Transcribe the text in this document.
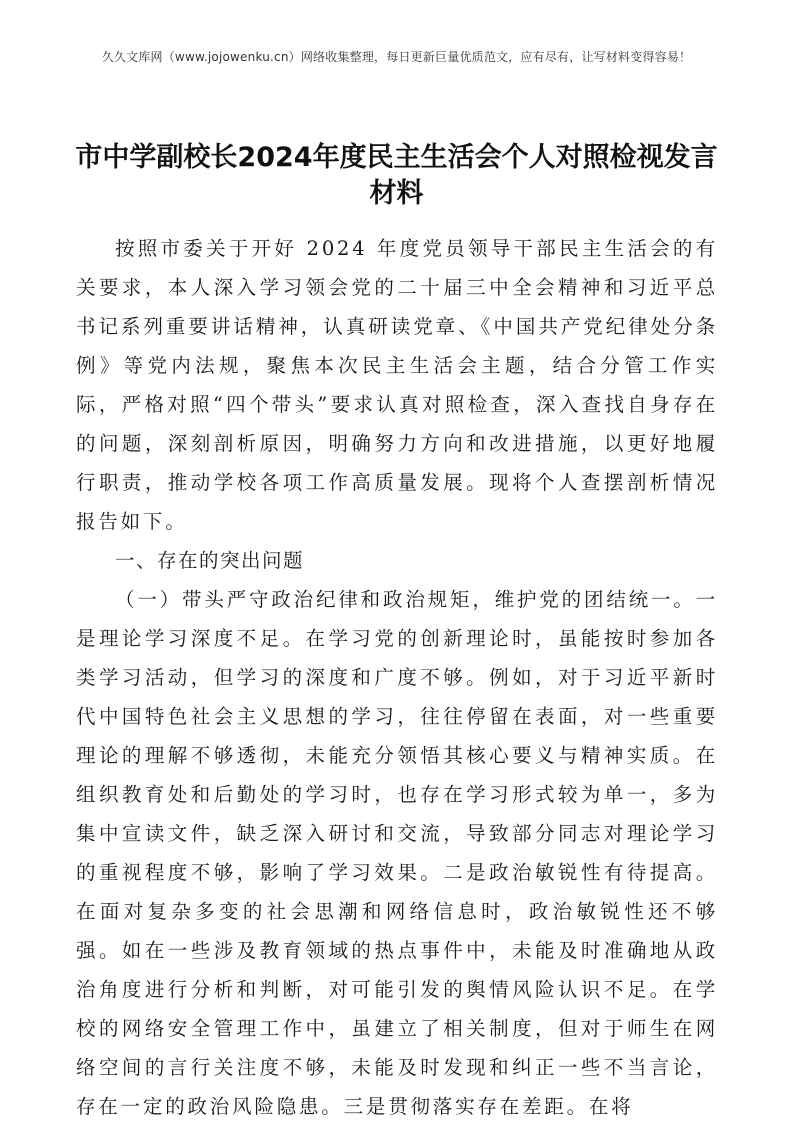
久久文库网（www.jojowenku.cn）网络收集整理，每日更新巨量优质范文，应有尽有，让写材料变得容易！
市中学副校长2024年度民主生活会个人对照检视发言材料

按照市委关于开好 2024 年度党员领导干部民主生活会的有关要求，本人深入学习领会党的二十届三中全会精神和习近平总书记系列重要讲话精神，认真研读党章、《中国共产党纪律处分条例》等党内法规，聚焦本次民主生活会主题，结合分管工作实际，严格对照“四个带头”要求认真对照检查，深入查找自身存在的问题，深刻剖析原因，明确努力方向和改进措施，以更好地履行职责，推动学校各项工作高质量发展。现将个人查摆剖析情况报告如下。

一、存在的突出问题

（一）带头严守政治纪律和政治规矩，维护党的团结统一。一是理论学习深度不足。在学习党的创新理论时，虽能按时参加各类学习活动，但学习的深度和广度不够。例如，对于习近平新时代中国特色社会主义思想的学习，往往停留在表面，对一些重要理论的理解不够透彻，未能充分领悟其核心要义与精神实质。在组织教育处和后勤处的学习时，也存在学习形式较为单一，多为集中宣读文件，缺乏深入研讨和交流，导致部分同志对理论学习的重视程度不够，影响了学习效果。二是政治敏锐性有待提高。在面对复杂多变的社会思潮和网络信息时，政治敏锐性还不够强。如在一些涉及教育领域的热点事件中，未能及时准确地从政治角度进行分析和判断，对可能引发的舆情风险认识不足。在学校的网络安全管理工作中，虽建立了相关制度，但对于师生在网络空间的言行关注度不够，未能及时发现和纠正一些不当言论，存在一定的政治风险隐患。三是贯彻落实存在差距。在将
